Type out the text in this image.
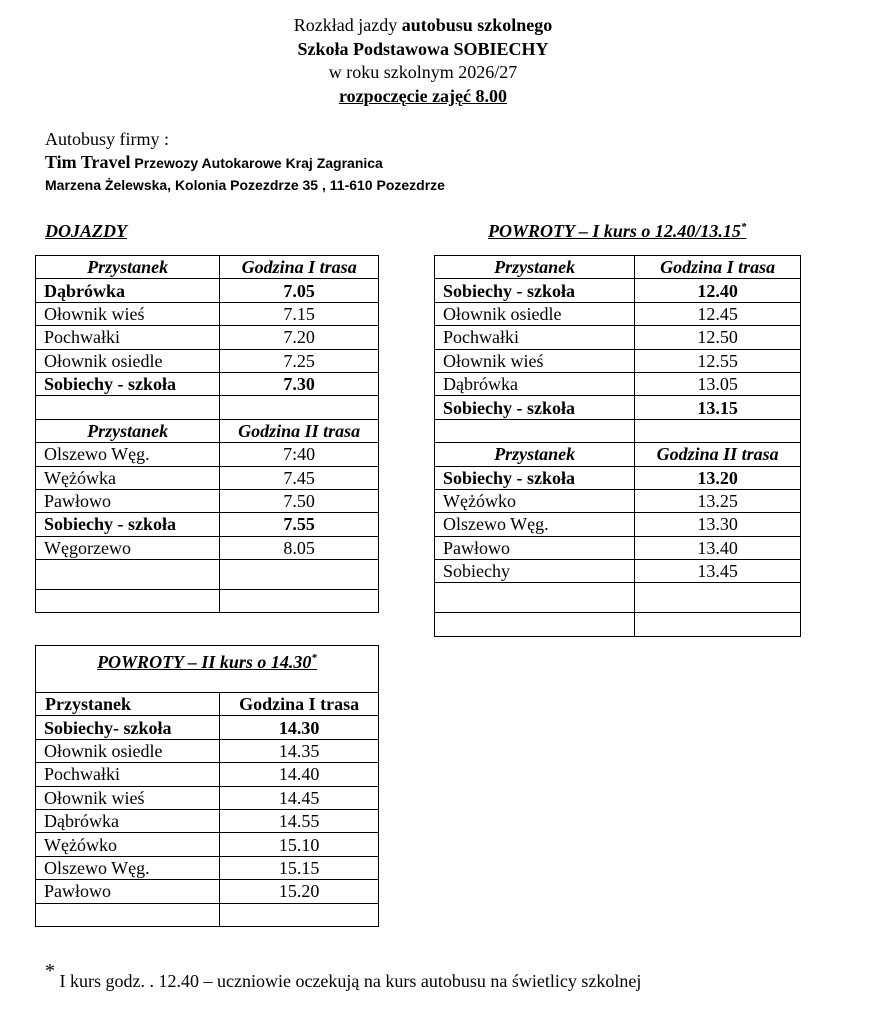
Rozkład jazdy autobusu szkolnego
Szkoła Podstawowa SOBIECHY
w roku szkolnym 2026/27
rozpoczęcie zajęć 8.00
Autobusy firmy :
Tim Travel Przewozy Autokarowe Kraj Zagranica
Marzena Żelewska, Kolonia Pozezdrze 35 , 11-610 Pozezdrze
DOJAZDY	POWROTY – I kurs o 12.40/13.15*
Przystanek	Godzina I trasa
Dąbrówka	7.05
Ołownik wieś	7.15
Pochwałki	7.20
Ołownik osiedle	7.25
Sobiechy - szkoła	7.30

Przystanek	Godzina II trasa
Olszewo Węg.	7:40
Wężówka	7.45
Pawłowo	7.50
Sobiechy - szkoła	7.55
Węgorzewo	8.05

Przystanek	Godzina I trasa
Sobiechy - szkoła	12.40
Ołownik osiedle	12.45
Pochwałki	12.50
Ołownik wieś	12.55
Dąbrówka	13.05
Sobiechy - szkoła	13.15

Przystanek	Godzina II trasa
Sobiechy - szkoła	13.20
Wężówko	13.25
Olszewo Węg.	13.30
Pawłowo	13.40
Sobiechy	13.45

POWROTY – II kurs o 14.30*
Przystanek	Godzina I trasa
Sobiechy- szkoła	14.30
Ołownik osiedle	14.35
Pochwałki	14.40
Ołownik wieś	14.45
Dąbrówka	14.55
Wężówko	15.10
Olszewo Węg.	15.15
Pawłowo	15.20

* I kurs godz. . 12.40 – uczniowie oczekują na kurs autobusu na świetlicy szkolnej
